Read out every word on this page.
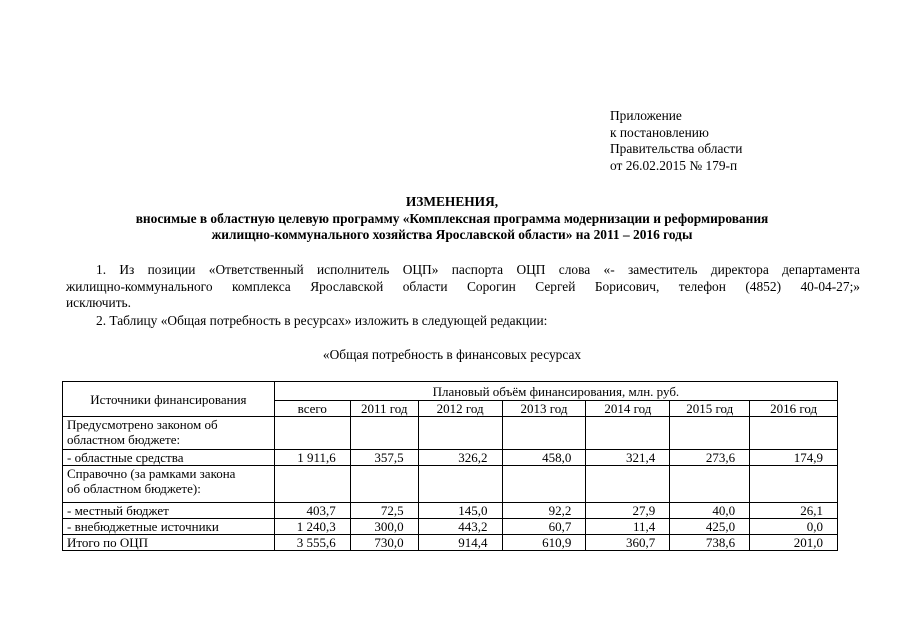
Приложение
к постановлению
Правительства области
от 26.02.2015 № 179-п
ИЗМЕНЕНИЯ,
вносимые в областную целевую программу «Комплексная программа модернизации и реформирования
жилищно-коммунального хозяйства Ярославской области» на 2011 – 2016 годы
1. Из позиции «Ответственный исполнитель ОЦП» паспорта ОЦП слова «- заместитель директора департамента
жилищно-коммунального комплекса Ярославской области Сорогин Сергей Борисович, телефон (4852) 40-04-27;»
исключить.
2. Таблицу «Общая потребность в ресурсах» изложить в следующей редакции:
«Общая потребность в финансовых ресурсах
Источники финансирования	Плановый объём финансирования, млн. руб.						
	всего	2011 год	2012 год	2013 год	2014 год	2015 год	2016 год

Предусмотрено законом об
областном бюджете:							

- областные средства	1 911,6	357,5	326,2	458,0	321,4	273,6	174,9

Справочно (за рамками закона
об областном бюджете):							

- местный бюджет	403,7	72,5	145,0	92,2	27,9	40,0	26,1
- внебюджетные источники	1 240,3	300,0	443,2	60,7	11,4	425,0	0,0
Итого по ОЦП	3 555,6	730,0	914,4	610,9	360,7	738,6	201,0
